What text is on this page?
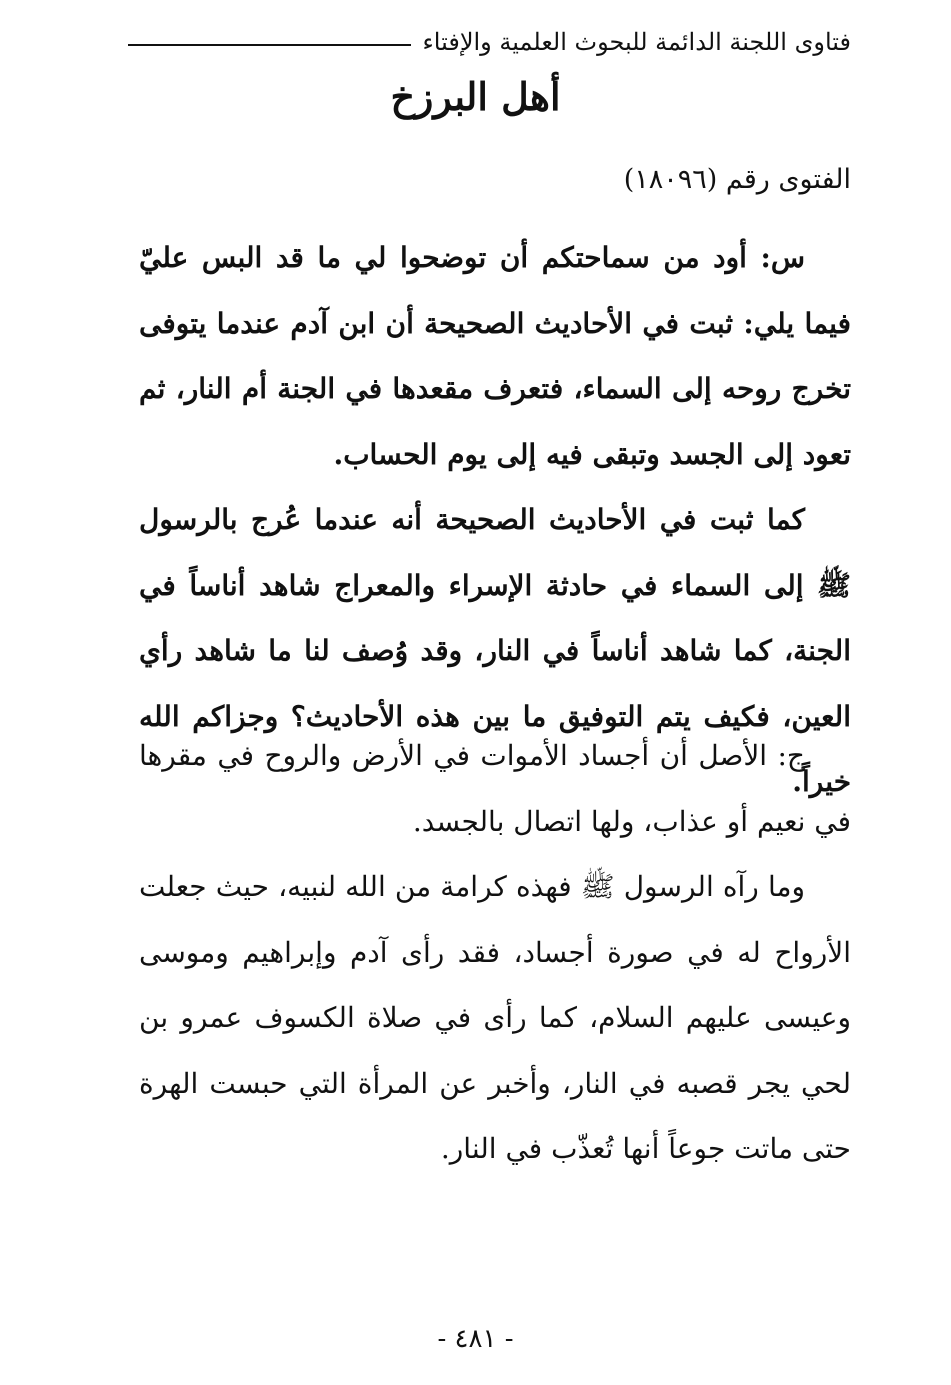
فتاوى اللجنة الدائمة للبحوث العلمية والإفتاء
أهل البرزخ
الفتوى رقم (١٨٠٩٦)

س: أود من سماحتكم أن توضحوا لي ما قد البس عليّ فيما يلي: ثبت في الأحاديث الصحيحة أن ابن آدم عندما يتوفى تخرج روحه إلى السماء، فتعرف مقعدها في الجنة أم النار، ثم تعود إلى الجسد وتبقى فيه إلى يوم الحساب.

كما ثبت في الأحاديث الصحيحة أنه عندما عُرج بالرسول ﷺ إلى السماء في حادثة الإسراء والمعراج شاهد أناساً في الجنة، كما شاهد أناساً في النار، وقد وُصف لنا ما شاهد رأي العين، فكيف يتم التوفيق ما بين هذه الأحاديث؟ وجزاكم الله خيراً.

ج: الأصل أن أجساد الأموات في الأرض والروح في مقرها في نعيم أو عذاب، ولها اتصال بالجسد.

وما رآه الرسول ﷺ فهذه كرامة من الله لنبيه، حيث جعلت الأرواح له في صورة أجساد، فقد رأى آدم وإبراهيم وموسى وعيسى عليهم السلام، كما رأى في صلاة الكسوف عمرو بن لحي يجر قصبه في النار، وأخبر عن المرأة التي حبست الهرة حتى ماتت جوعاً أنها تُعذّب في النار.

- ٤٨١ -
